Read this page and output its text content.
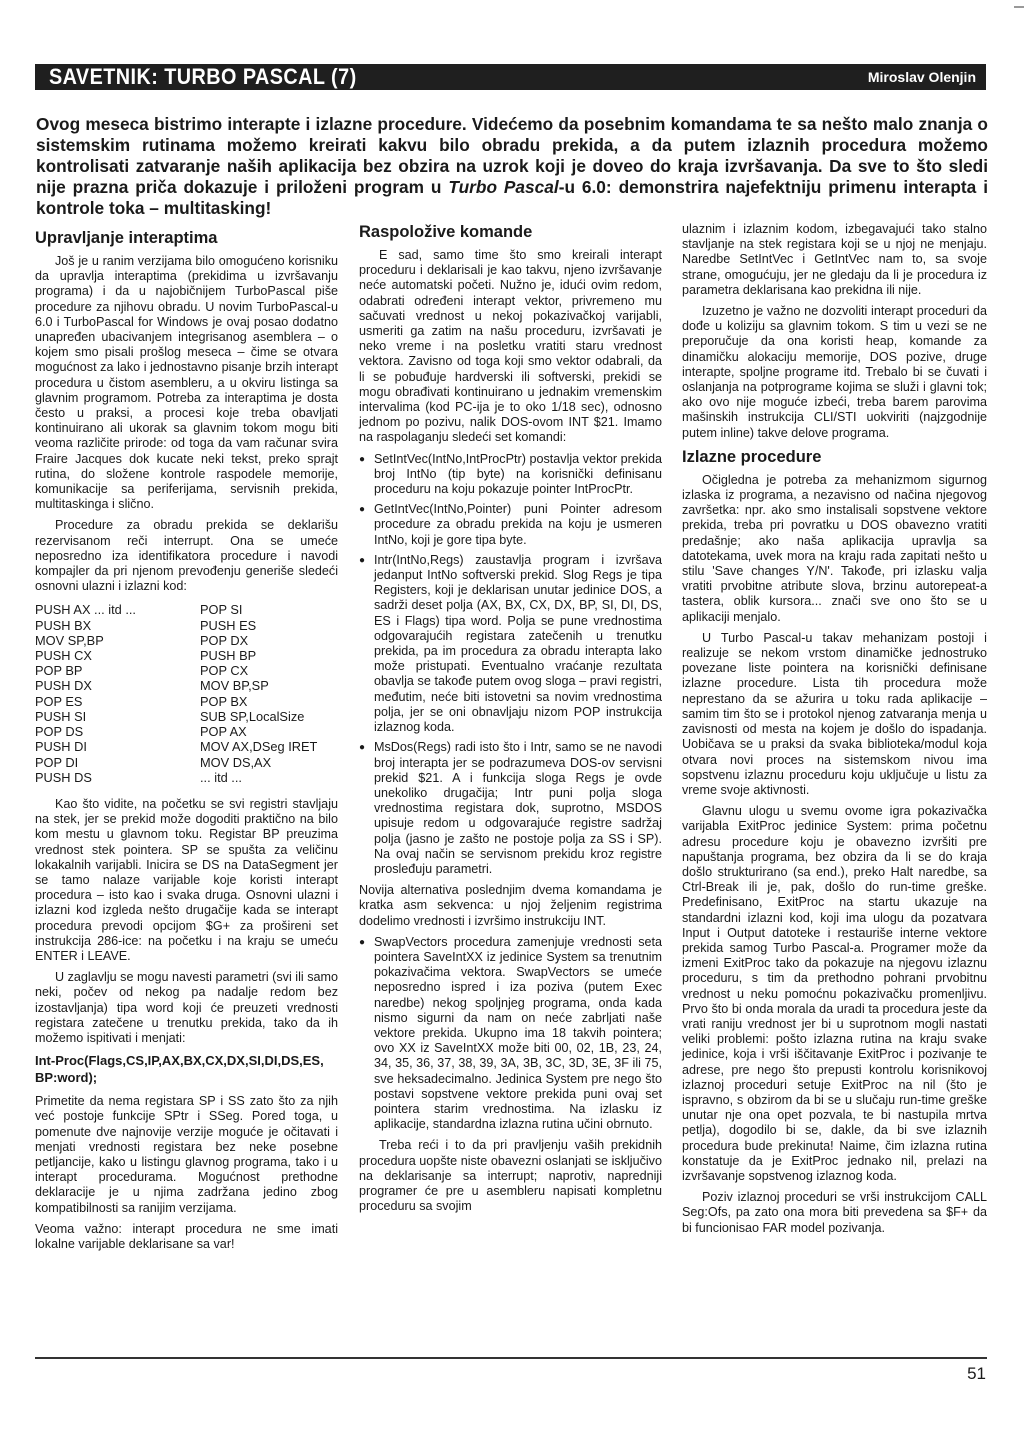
SAVETNIK: TURBO PASCAL (7)	Miroslav Olenjin

Ovog meseca bistrimo interapte i izlazne procedure. Videćemo da posebnim komandama te sa nešto malo znanja o sistemskim rutinama možemo kreirati kakvu bilo obradu prekida, a da putem izlaznih procedura možemo kontrolisati zatvaranje naših aplikacija bez obzira na uzrok koji je doveo do kraja izvršavanja. Da sve to što sledi nije prazna priča dokazuje i priloženi program u Turbo Pascal-u 6.0: demonstrira najefektniju primenu interapta i kontrole toka – multitasking!

Upravljanje interaptima

Još je u ranim verzijama bilo omogućeno korisniku da upravlja interaptima (prekidima u izvršavanju programa) i da u najobičnijem TurboPascal piše procedure za njihovu obradu. U novim TurboPascal-u 6.0 i TurboPascal for Windows je ovaj posao dodatno unapređen ubacivanjem integrisanog asemblera – o kojem smo pisali prošlog meseca – čime se otvara mogućnost za lako i jednostavno pisanje brzih interapt procedura u čistom asembleru, a u okviru listinga sa glavnim programom. Potreba za interaptima je dosta često u praksi, a procesi koje treba obavljati kontinuirano ali ukorak sa glavnim tokom mogu biti veoma različite prirode: od toga da vam računar svira Fraire Jacques dok kucate neki tekst, preko sprajt rutina, do složene kontrole raspodele memorije, komunikacije sa periferijama, servisnih prekida, multitaskinga i slično.

Procedure za obradu prekida se deklarišu rezervisanom reči interrupt. Ona se umeće neposredno iza identifikatora procedure i navodi kompajler da pri njenom prevođenju generiše sledeći osnovni ulazni i izlazni kod:

PUSH AX ... itd ...	POP SI
PUSH BX	PUSH ES
MOV SP,BP	POP DX
PUSH CX	PUSH BP
POP BP	POP CX
PUSH DX	MOV BP,SP
POP ES	POP BX
PUSH SI	SUB SP,LocalSize
POP DS	POP AX
PUSH DI	MOV AX,DSeg IRET
POP DI	MOV DS,AX
PUSH DS	... itd ...

Kao što vidite, na početku se svi registri stavljaju na stek, jer se prekid može dogoditi praktično na bilo kom mestu u glavnom toku. Registar BP preuzima vrednost stek pointera. SP se spušta za veličinu lokakalnih varijabli. Inicira se DS na DataSegment jer se tamo nalaze varijable koje koristi interapt procedura – isto kao i svaka druga. Osnovni ulazni i izlazni kod izgleda nešto drugačije kada se interapt procedura prevodi opcijom $G+ za prošireni set instrukcija 286-ice: na početku i na kraju se umeću ENTER i LEAVE.

U zaglavlju se mogu navesti parametri (svi ili samo neki, počev od nekog pa nadalje redom bez izostavljanja) tipa word koji će preuzeti vrednosti registara zatečene u trenutku prekida, tako da ih možemo ispitivati i menjati:

Int-Proc(Flags,CS,IP,AX,BX,CX,DX,SI,DI,DS,ES, BP:word);

Primetite da nema registara SP i SS zato što za njih već postoje funkcije SPtr i SSeg. Pored toga, u pomenute dve najnovije verzije moguće je očitavati i menjati vrednosti registara bez neke posebne petljancije, kako u listingu glavnog programa, tako i u interapt procedurama. Mogućnost prethodne deklaracije je u njima zadržana jedino zbog kompatibilnosti sa ranijim verzijama.

Veoma važno: interapt procedura ne sme imati lokalne varijable deklarisane sa var!

Raspoložive komande

E sad, samo time što smo kreirali interapt proceduru i deklarisali je kao takvu, njeno izvršavanje neće automatski početi. Nužno je, idući ovim redom, odabrati određeni interapt vektor, privremeno mu sačuvati vrednost u nekoj pokazivačkoj varijabli, usmeriti ga zatim na našu proceduru, izvršavati je neko vreme i na posletku vratiti staru vrednost vektora. Zavisno od toga koji smo vektor odabrali, da li se pobuđuje hardverski ili softverski, prekidi se mogu obrađivati kontinuirano u jednakim vremenskim intervalima (kod PC-ija je to oko 1/18 sec), odnosno jednom po pozivu, nalik DOS-ovom INT $21. Imamo na raspolaganju sledeći set komandi:

● SetIntVec(IntNo,IntProcPtr) postavlja vektor prekida broj IntNo (tip byte) na korisnički definisanu proceduru na koju pokazuje pointer IntProcPtr.
● GetIntVec(IntNo,Pointer) puni Pointer adresom procedure za obradu prekida na koju je usmeren IntNo, koji je gore tipa byte.
● Intr(IntNo,Regs) zaustavlja program i izvršava jedanput IntNo softverski prekid. Slog Regs je tipa Registers, koji je deklarisan unutar jedinice DOS, a sadrži deset polja (AX, BX, CX, DX, BP, SI, DI, DS, ES i Flags) tipa word. Polja se pune vrednostima odgovarajućih registara zatečenih u trenutku prekida, pa im procedura za obradu interapta lako može pristupati. Eventualno vraćanje rezultata obavlja se takođe putem ovog sloga – pravi registri, međutim, neće biti istovetni sa novim vrednostima polja, jer se oni obnavljaju nizom POP instrukcija izlaznog koda.
● MsDos(Regs) radi isto što i Intr, samo se ne navodi broj interapta jer se podrazumeva DOS-ov servisni prekid $21. A i funkcija sloga Regs je ovde unekoliko drugačija; Intr puni polja sloga vrednostima registara dok, suprotno, MSDOS upisuje redom u odgovarajuće registre sadržaj polja (jasno je zašto ne postoje polja za SS i SP). Na ovaj način se servisnom prekidu kroz registre prosleđuju parametri.

Novija alternativa poslednjim dvema komandama je kratka asm sekvenca: u njoj željenim registrima dodelimo vrednosti i izvršimo instrukciju INT.

● SwapVectors procedura zamenjuje vrednosti seta pointera SaveIntXX iz jedinice System sa trenutnim pokazivačima vektora. SwapVectors se umeće neposredno ispred i iza poziva (putem Exec naredbe) nekog spoljnjeg programa, onda kada nismo sigurni da nam on neće zabrljati naše vektore prekida. Ukupno ima 18 takvih pointera; ovo XX iz SaveIntXX može biti 00, 02, 1B, 23, 24, 34, 35, 36, 37, 38, 39, 3A, 3B, 3C, 3D, 3E, 3F ili 75, sve heksadecimalno. Jedinica System pre nego što postavi sopstvene vektore prekida puni ovaj set pointera starim vrednostima. Na izlasku iz aplikacije, standardna izlazna rutina učini obrnuto.

Treba reći i to da pri pravljenju vaših prekidnih procedura uopšte niste obavezni oslanjati se isključivo na deklarisanje sa interrupt; naprotiv, napredniji programer će pre u asembleru napisati kompletnu proceduru sa svojim

ulaznim i izlaznim kodom, izbegavajući tako stalno stavljanje na stek registara koji se u njoj ne menjaju. Naredbe SetIntVec i GetIntVec nam to, sa svoje strane, omogućuju, jer ne gledaju da li je procedura iz parametra deklarisana kao prekidna ili nije.

Izuzetno je važno ne dozvoliti interapt proceduri da dođe u koliziju sa glavnim tokom. S tim u vezi se ne preporučuje da ona koristi heap, komande za dinamičku alokaciju memorije, DOS pozive, druge interapte, spoljne programe itd. Trebalo bi se čuvati i oslanjanja na potprograme kojima se služi i glavni tok; ako ovo nije moguće izbeći, treba barem parovima mašinskih instrukcija CLI/STI uokviriti (najzgodnije putem inline) takve delove programa.

Izlazne procedure

Očigledna je potreba za mehanizmom sigurnog izlaska iz programa, a nezavisno od načina njegovog završetka: npr. ako smo instalisali sopstvene vektore prekida, treba pri povratku u DOS obavezno vratiti predašnje; ako naša aplikacija upravlja sa datotekama, uvek mora na kraju rada zapitati nešto u stilu 'Save changes Y/N'. Takođe, pri izlasku valja vratiti prvobitne atribute slova, brzinu autorepeat-a tastera, oblik kursora... znači sve ono što se u aplikaciji menjalo.

U Turbo Pascal-u takav mehanizam postoji i realizuje se nekom vrstom dinamičke jednostruko povezane liste pointera na korisnički definisane izlazne procedure. Lista tih procedura može neprestano da se ažurira u toku rada aplikacije – samim tim što se i protokol njenog zatvaranja menja u zavisnosti od mesta na kojem je došlo do ispadanja. Uobičava se u praksi da svaka biblioteka/modul koja otvara novi proces na sistemskom nivou ima sopstvenu izlaznu proceduru koju uključuje u listu za vreme svoje aktivnosti.

Glavnu ulogu u svemu ovome igra pokazivačka varijabla ExitProc jedinice System: prima početnu adresu procedure koju je obavezno izvršiti pre napuštanja programa, bez obzira da li se do kraja došlo strukturirano (sa end.), preko Halt naredbe, sa Ctrl-Break ili je, pak, došlo do run-time greške. Predefinisano, ExitProc na startu ukazuje na standardni izlazni kod, koji ima ulogu da pozatvara Input i Output datoteke i restauriše interne vektore prekida samog Turbo Pascal-a. Programer može da izmeni ExitProc tako da pokazuje na njegovu izlaznu proceduru, s tim da prethodno pohrani prvobitnu vrednost u neku pomoćnu pokazivačku promenljivu. Prvo što bi onda morala da uradi ta procedura jeste da vrati raniju vrednost jer bi u suprotnom mogli nastati veliki problemi: pošto izlazna rutina na kraju svake jedinice, koja i vrši iščitavanje ExitProc i pozivanje te adrese, pre nego što prepusti kontrolu korisnikovoj izlaznoj proceduri setuje ExitProc na nil (što je ispravno, s obzirom da bi se u slučaju run-time greške unutar nje ona opet pozvala, te bi nastupila mrtva petlja), dogodilo bi se, dakle, da bi sve izlaznih procedura bude prekinuta! Naime, čim izlazna rutina konstatuje da je ExitProc jednako nil, prelazi na izvršavanje sopstvenog izlaznog koda.

Poziv izlaznoj proceduri se vrši instrukcijom CALL Seg:Ofs, pa zato ona mora biti prevedena sa $F+ da bi funcionisao FAR model pozivanja.

51
